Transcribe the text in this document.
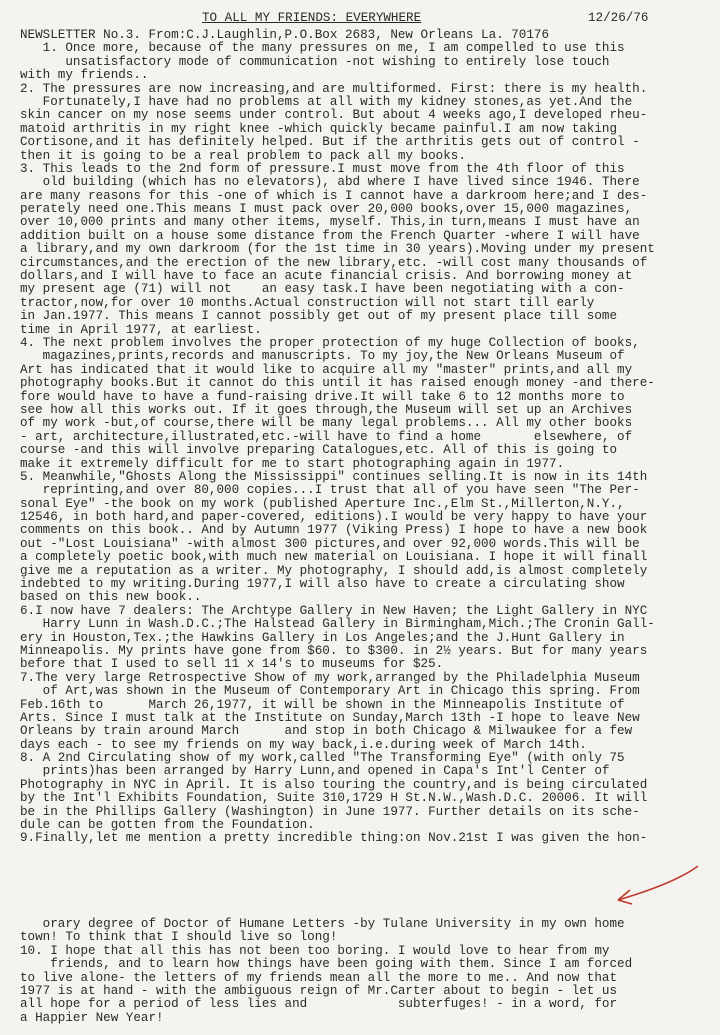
TO ALL MY FRIENDS: EVERYWHERE

	12/26/76

NEWSLETTER No.3. From:C.J.Laughlin,P.O.Box 2683, New Orleans La. 70176
1. Once more, because of the many pressures on me, I am compelled to use this
unsatisfactory mode of communication -not wishing to entirely lose touch
with my friends..
2. The pressures are now increasing,and are multiformed. First: there is my health.
Fortunately,I have had no problems at all with my kidney stones,as yet.And the
skin cancer on my nose seems under control. But about 4 weeks ago,I developed rheu-
matoid arthritis in my right knee -which quickly became painful.I am now taking
Cortisone,and it has definitely helped. But if the arthritis gets out of control -
then it is going to be a real problem to pack all my books.
3. This leads to the 2nd form of pressure.I must move from the 4th floor of this
old building (which has no elevators), abd where I have lived since 1946. There
are many reasons for this -one of which is I cannot have a darkroom here;and I des-
perately need one.This means I must pack over 20,000 books,over 15,000 magazines,
over 10,000 prints and many other items, myself. This,in turn,means I must have an
addition built on a house some distance from the French Quarter -where I will have
a library,and my own darkroom (for the 1st time in 30 years).Moving under my present
circumstances,and the erection of the new library,etc. -will cost many thousands of
dollars,and I will have to face an acute financial crisis. And borrowing money at
my present age (71) will not    an easy task.I have been negotiating with a con-
tractor,now,for over 10 months.Actual construction will not start till early
in Jan.1977. This means I cannot possibly get out of my present place till some
time in April 1977, at earliest.
4. The next problem involves the proper protection of my huge Collection of books,
magazines,prints,records and manuscripts. To my joy,the New Orleans Museum of
Art has indicated that it would like to acquire all my "master" prints,and all my
photography books.But it cannot do this until it has raised enough money -and there-
fore would have to have a fund-raising drive.It will take 6 to 12 months more to
see how all this works out. If it goes through,the Museum will set up an Archives
of my work -but,of course,there will be many legal problems... All my other books
- art, architecture,illustrated,etc.-will have to find a home       elsewhere, of
course -and this will involve preparing Catalogues,etc. All of this is going to
make it extremely difficult for me to start photographing again in 1977.
5. Meanwhile,"Ghosts Along the Mississippi" continues selling.It is now in its 14th
reprinting,and over 80,000 copies...I trust that all of you have seen "The Per-
sonal Eye" -the book on my work (published Aperture Inc.,Elm St.,Millerton,N.Y.,
12546, in both hard,and paper-covered, editions).I would be very happy to have your
comments on this book.. And by Autumn 1977 (Viking Press) I hope to have a new book
out -"Lost Louisiana" -with almost 300 pictures,and over 92,000 words.This will be
a completely poetic book,with much new material on Louisiana. I hope it will finall
give me a reputation as a writer. My photography, I should add,is almost completely
indebted to my writing.During 1977,I will also have to create a circulating show
based on this new book..
6.I now have 7 dealers: The Archtype Gallery in New Haven; the Light Gallery in NYC
Harry Lunn in Wash.D.C.;The Halstead Gallery in Birmingham,Mich.;The Cronin Gall-
ery in Houston,Tex.;the Hawkins Gallery in Los Angeles;and the J.Hunt Gallery in
Minneapolis. My prints have gone from $60. to $300. in 2½ years. But for many years
before that I used to sell 11 x 14's to museums for $25.
7.The very large Retrospective Show of my work,arranged by the Philadelphia Museum
of Art,was shown in the Museum of Contemporary Art in Chicago this spring. From
Feb.16th to      March 26,1977, it will be shown in the Minneapolis Institute of
Arts. Since I must talk at the Institute on Sunday,March 13th -I hope to leave New
Orleans by train around March      and stop in both Chicago & Milwaukee for a few
days each - to see my friends on my way back,i.e.during week of March 14th.
8. A 2nd Circulating show of my work,called "The Transforming Eye" (with only 75
prints)has been arranged by Harry Lunn,and opened in Capa's Int'l Center of
Photography in NYC in April. It is also touring the country,and is being circulated
by the Int'l Exhibits Foundation, Suite 310,1729 H St.N.W.,Wash.D.C. 20006. It will
be in the Phillips Gallery (Washington) in June 1977. Further details on its sche-
dule can be gotten from the Foundation.
9.Finally,let me mention a pretty incredible thing:on Nov.21st I was given the hon-
orary degree of Doctor of Humane Letters -by Tulane University in my own home
town! To think that I should live so long!
10. I hope that all this has not been too boring. I would love to hear from my
friends, and to learn how things have been going with them. Since I am forced
to live alone- the letters of my friends mean all the more to me.. And now that
1977 is at hand - with the ambiguous reign of Mr.Carter about to begin - let us
all hope for a period of less lies and            subterfuges! - in a word, for
a Happier New Year!
